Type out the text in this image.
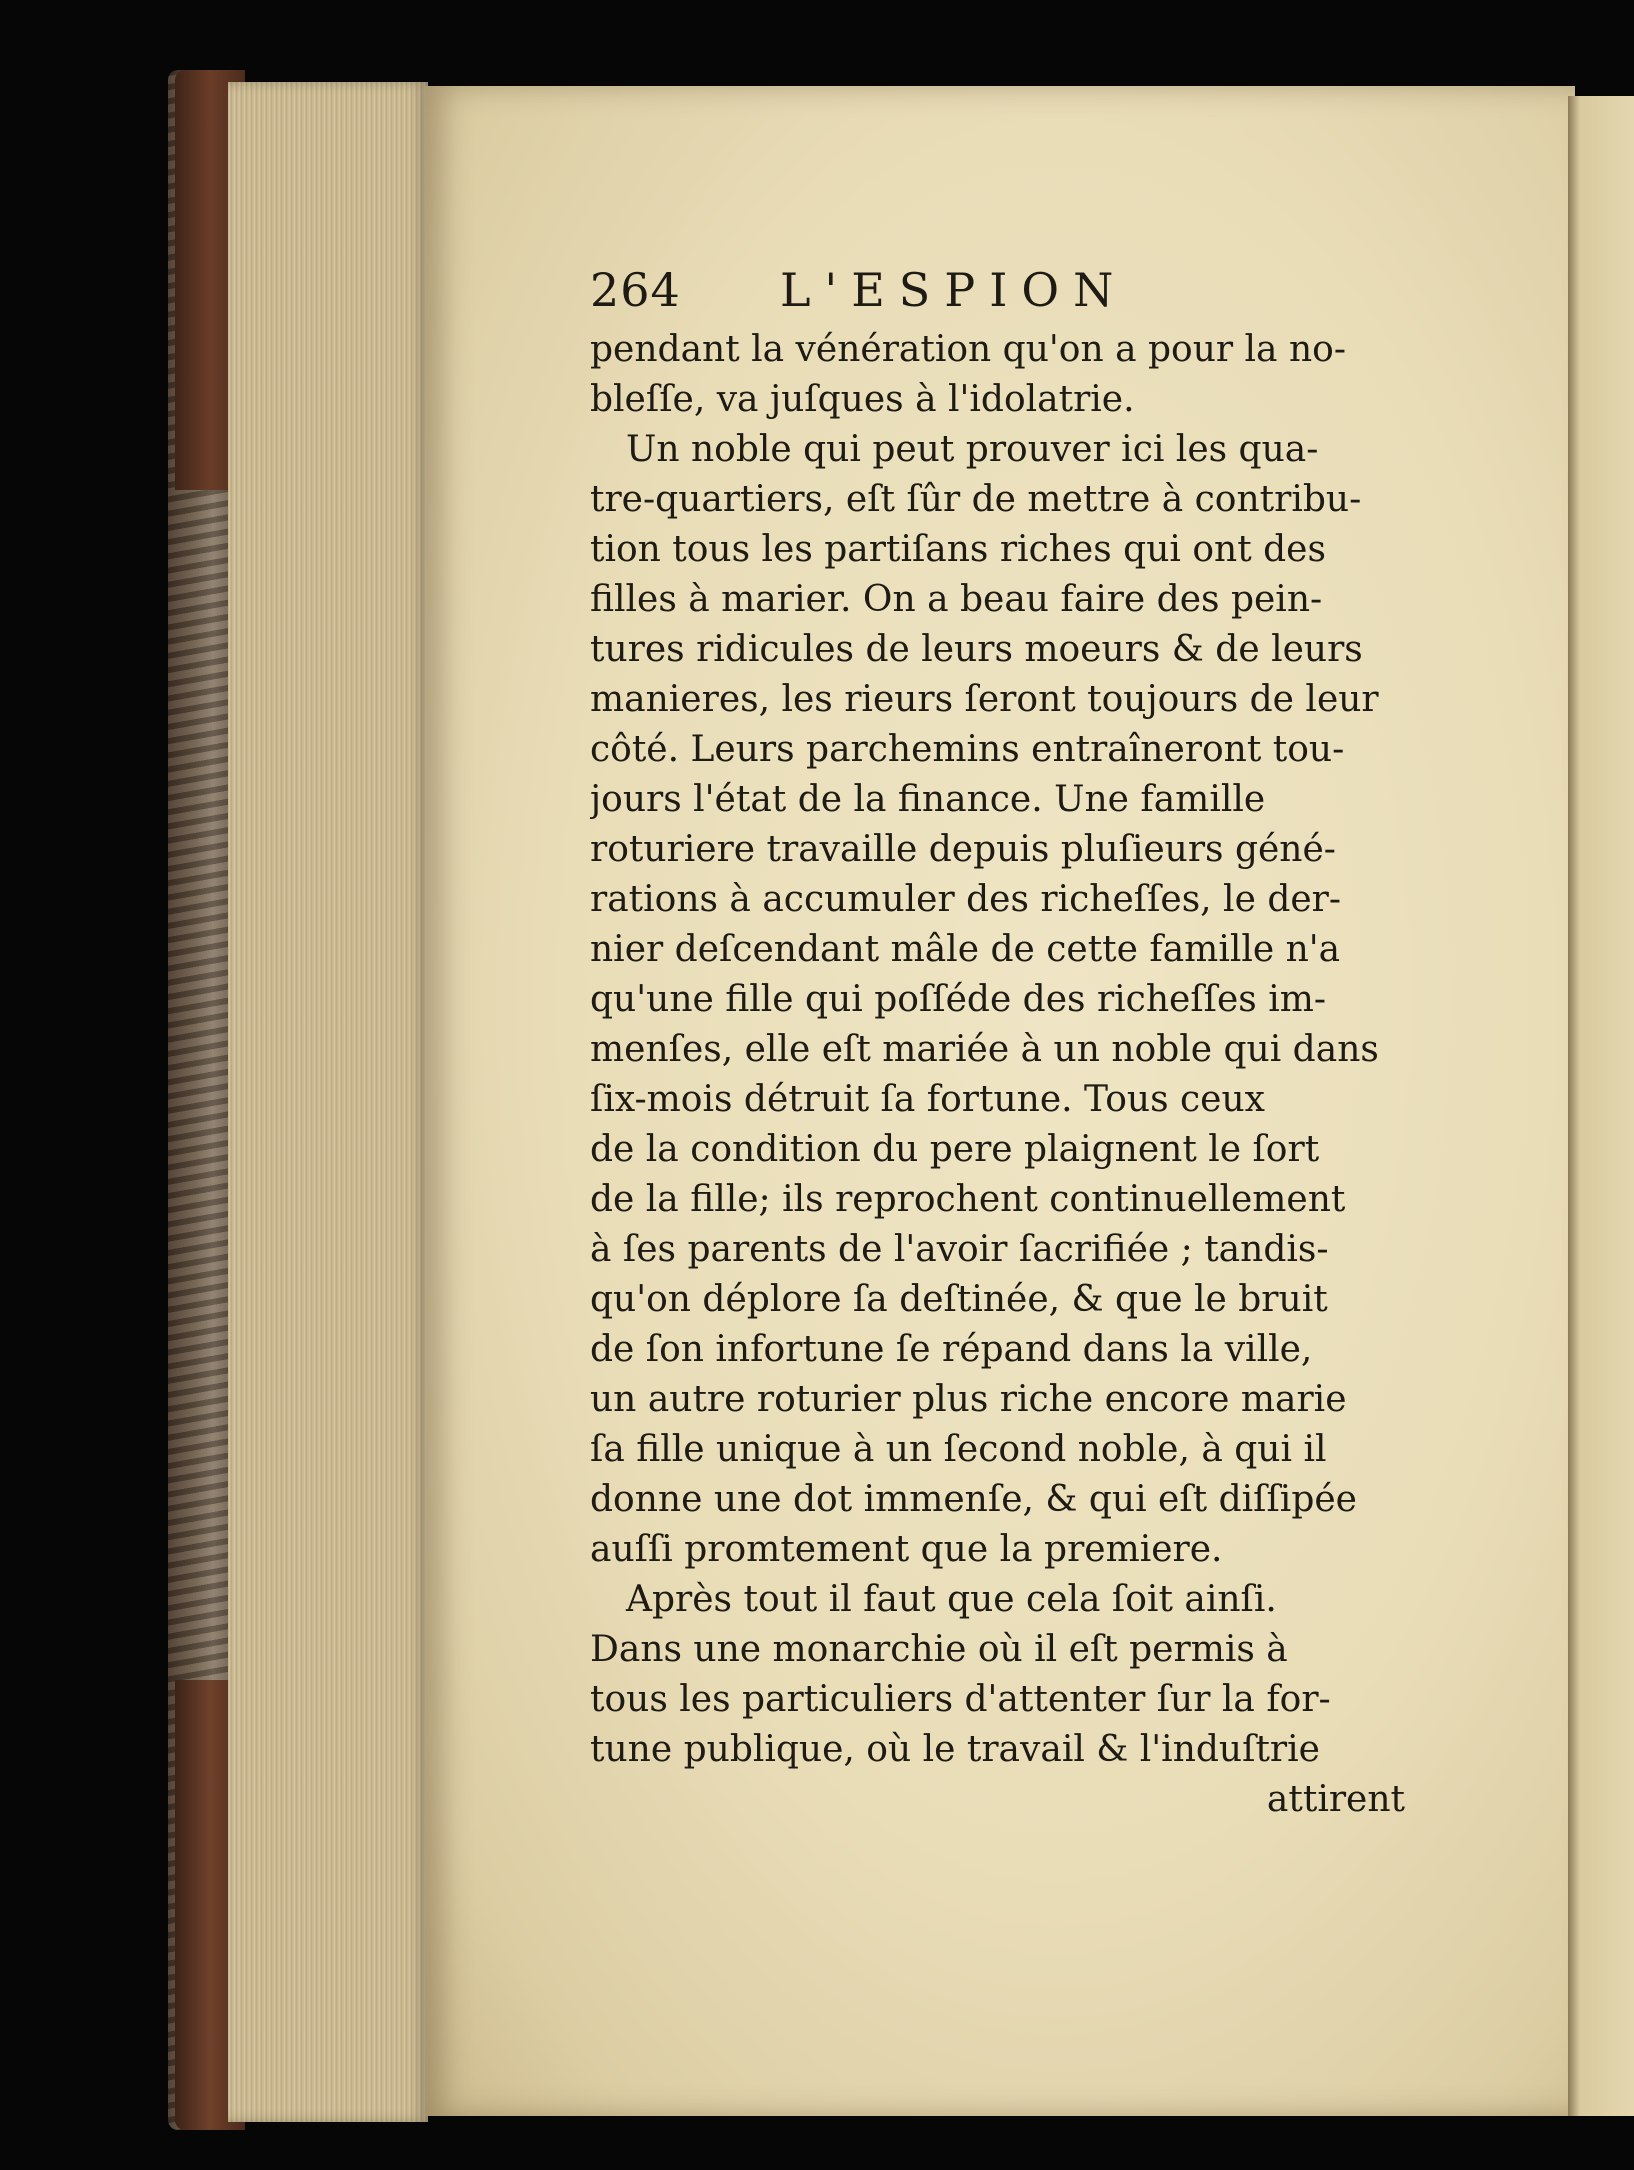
264 L'ESPION
pendant la vénération qu'on a pour la no-
bleſſe, va juſques à l'idolatrie.
 Un noble qui peut prouver ici les qua-
tre-quartiers, eſt ſûr de mettre à contribu-
tion tous les partiſans riches qui ont des
filles à marier. On a beau faire des pein-
tures ridicules de leurs moeurs & de leurs
manieres, les rieurs ſeront toujours de leur
côté. Leurs parchemins entraîneront tou-
jours l'état de la finance. Une famille
roturiere travaille depuis pluſieurs géné-
rations à accumuler des richeſſes, le der-
nier deſcendant mâle de cette famille n'a
qu'une fille qui poſſéde des richeſſes im-
menſes, elle eſt mariée à un noble qui dans
ſix-mois détruit ſa fortune. Tous ceux
de la condition du pere plaignent le ſort
de la fille; ils reprochent continuellement
à ſes parents de l'avoir ſacrifiée ; tandis-
qu'on déplore ſa deſtinée, & que le bruit
de ſon infortune ſe répand dans la ville,
un autre roturier plus riche encore marie
ſa fille unique à un ſecond noble, à qui il
donne une dot immenſe, & qui eſt diſſipée
auſſi promtement que la premiere.
 Après tout il faut que cela ſoit ainſi.
Dans une monarchie où il eſt permis à
tous les particuliers d'attenter ſur la for-
tune publique, où le travail & l'induſtrie
attirent
